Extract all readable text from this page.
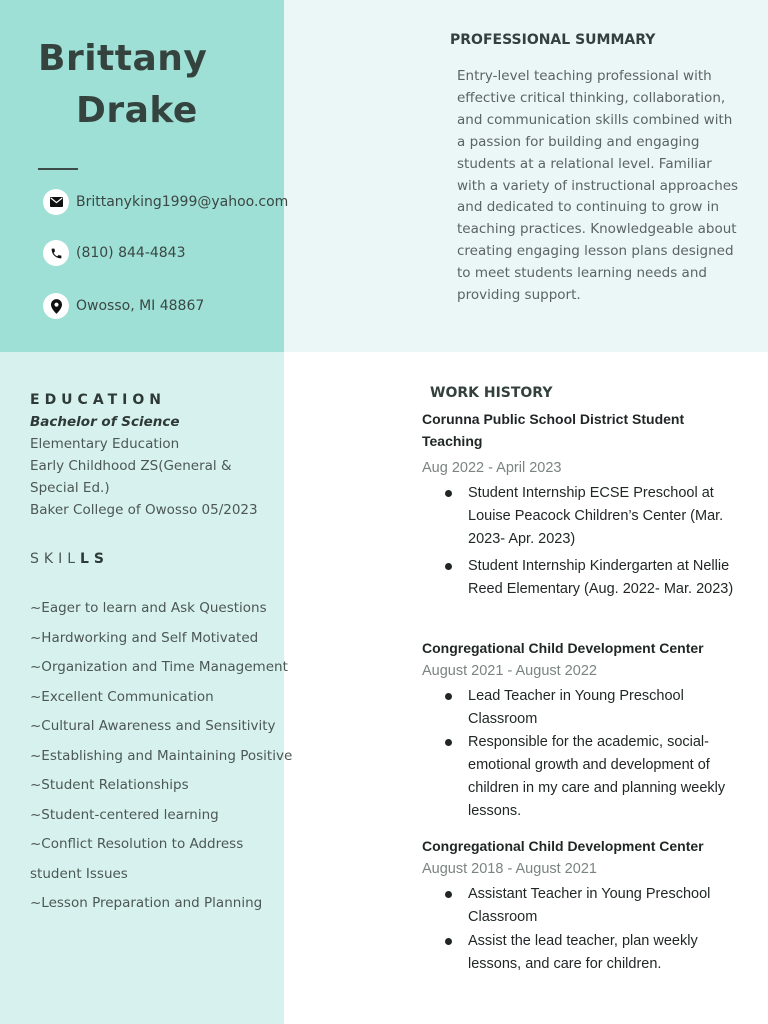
Brittany
Drake
Brittanyking1999@yahoo.com
(810) 844-4843
Owosso, MI 48867
PROFESSIONAL SUMMARY
Entry-level teaching professional with effective critical thinking, collaboration, and communication skills combined with a passion for building and engaging students at a relational level. Familiar with a variety of instructional approaches and dedicated to continuing to grow in teaching practices. Knowledgeable about creating engaging lesson plans designed to meet students learning needs and providing support.
EDUCATION
Bachelor of Science
Elementary Education
Early Childhood ZS(General &
Special Ed.)
Baker College of Owosso 05/2023
SKILLS
~Eager to learn and Ask Questions
~Hardworking and Self Motivated
~Organization and Time Management
~Excellent Communication
~Cultural Awareness and Sensitivity
~Establishing and Maintaining Positive
~Student Relationships
~Student-centered learning
~Conflict Resolution to Address
student Issues
~Lesson Preparation and Planning
WORK HISTORY
Corunna Public School District Student Teaching
Aug 2022 - April 2023
Student Internship ECSE Preschool at Louise Peacock Children’s Center (Mar. 2023- Apr. 2023)
Student Internship Kindergarten at Nellie Reed Elementary (Aug. 2022- Mar. 2023)
Congregational Child Development Center
August 2021 - August 2022
Lead Teacher in Young Preschool Classroom
Responsible for the academic, social-emotional growth and development of children in my care and planning weekly lessons.
Congregational Child Development Center
August 2018 - August 2021
Assistant Teacher in Young Preschool Classroom
Assist the lead teacher, plan weekly lessons, and care for children.
